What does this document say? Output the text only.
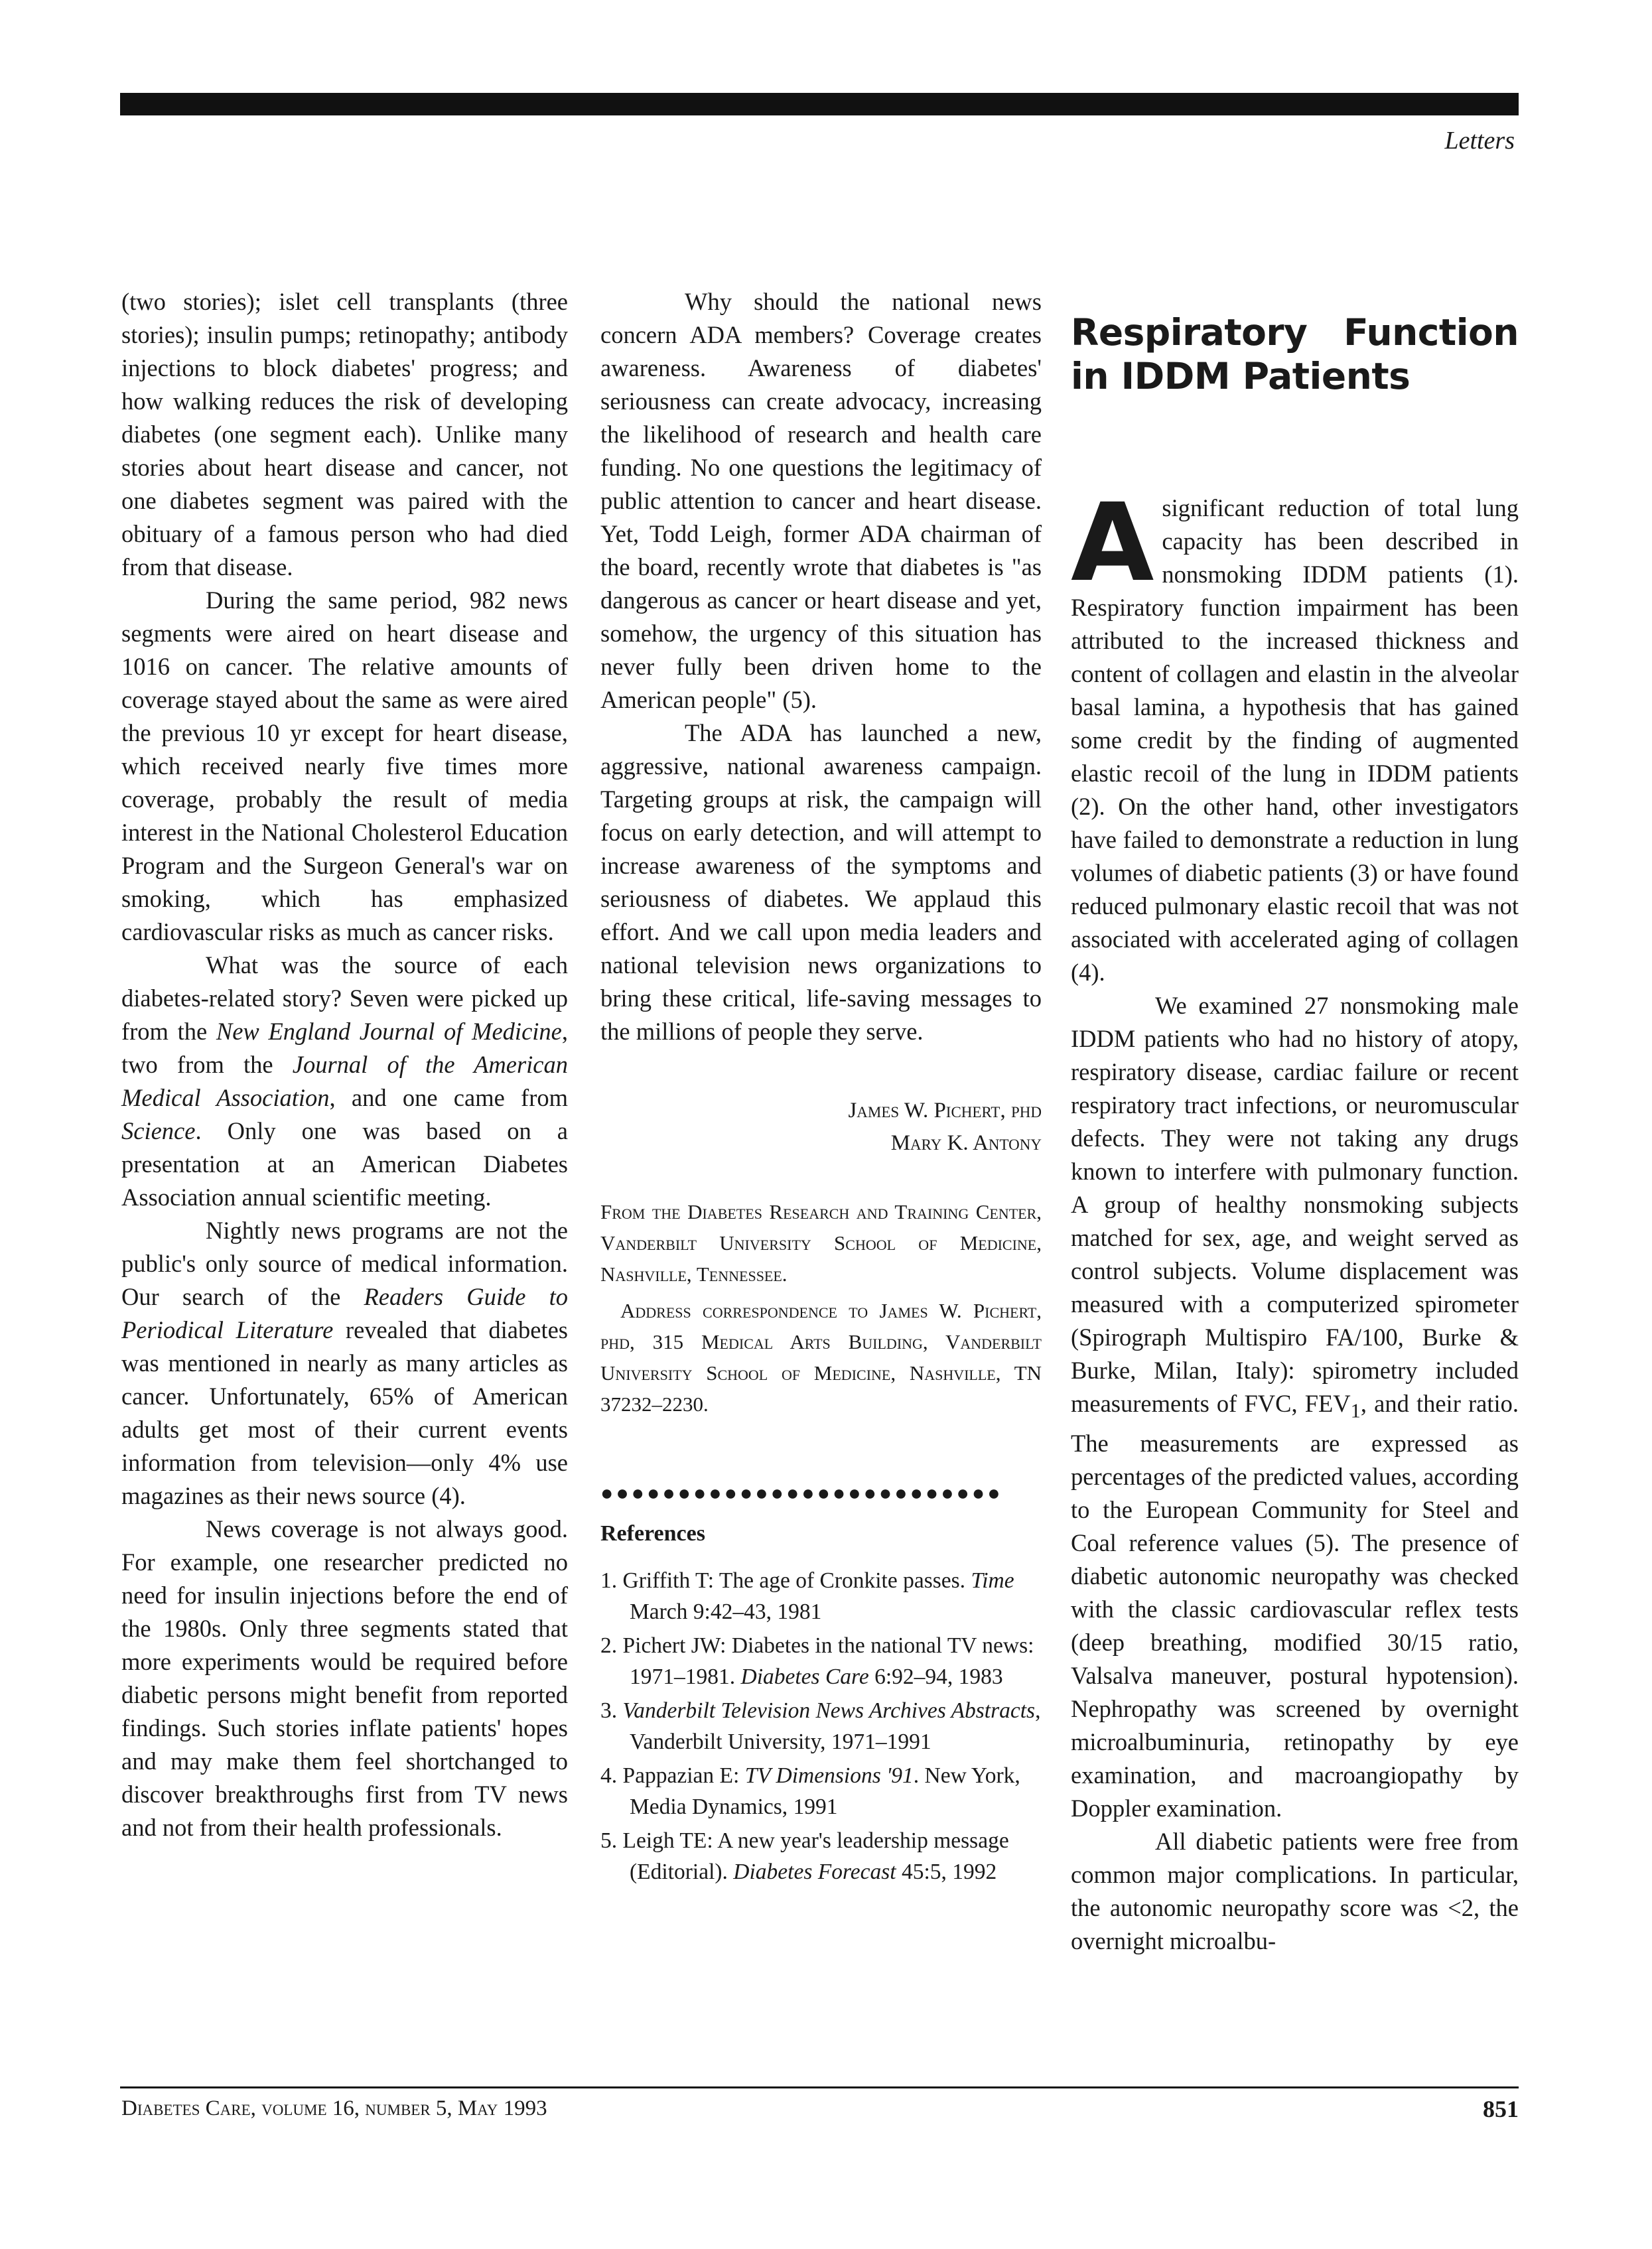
Letters

(two stories); islet cell transplants (three stories); insulin pumps; retinopathy; antibody injections to block diabetes' progress; and how walking reduces the risk of developing diabetes (one segment each). Unlike many stories about heart disease and cancer, not one diabetes segment was paired with the obituary of a famous person who had died from that disease.

During the same period, 982 news segments were aired on heart disease and 1016 on cancer. The relative amounts of coverage stayed about the same as were aired the previous 10 yr except for heart disease, which received nearly five times more coverage, probably the result of media interest in the National Cholesterol Education Program and the Surgeon General's war on smoking, which has emphasized cardiovascular risks as much as cancer risks.

What was the source of each diabetes-related story? Seven were picked up from the New England Journal of Medicine, two from the Journal of the American Medical Association, and one came from Science. Only one was based on a presentation at an American Diabetes Association annual scientific meeting.

Nightly news programs are not the public's only source of medical information. Our search of the Readers Guide to Periodical Literature revealed that diabetes was mentioned in nearly as many articles as cancer. Unfortunately, 65% of American adults get most of their current events information from television—only 4% use magazines as their news source (4).

News coverage is not always good. For example, one researcher predicted no need for insulin injections before the end of the 1980s. Only three segments stated that more experiments would be required before diabetic persons might benefit from reported findings. Such stories inflate patients' hopes and may make them feel shortchanged to discover breakthroughs first from TV news and not from their health professionals.

Why should the national news concern ADA members? Coverage creates awareness. Awareness of diabetes' seriousness can create advocacy, increasing the likelihood of research and health care funding. No one questions the legitimacy of public attention to cancer and heart disease. Yet, Todd Leigh, former ADA chairman of the board, recently wrote that diabetes is "as dangerous as cancer or heart disease and yet, somehow, the urgency of this situation has never fully been driven home to the American people" (5).

The ADA has launched a new, aggressive, national awareness campaign. Targeting groups at risk, the campaign will focus on early detection, and will attempt to increase awareness of the symptoms and seriousness of diabetes. We applaud this effort. And we call upon media leaders and national television news organizations to bring these critical, life-saving messages to the millions of people they serve.

James W. Pichert, phd
Mary K. Antony

From the Diabetes Research and Training Center, Vanderbilt University School of Medicine, Nashville, Tennessee.

Address correspondence to James W. Pichert, phd, 315 Medical Arts Building, Vanderbilt University School of Medicine, Nashville, TN 37232–2230.

●●●●●●●●●●●●●●●●●●●●●●●●●●

References

1. Griffith T: The age of Cronkite passes. Time March 9:42–43, 1981
2. Pichert JW: Diabetes in the national TV news: 1971–1981. Diabetes Care 6:92–94, 1983
3. Vanderbilt Television News Archives Abstracts, Vanderbilt University, 1971–1991
4. Pappazian E: TV Dimensions '91. New York, Media Dynamics, 1991
5. Leigh TE: A new year's leadership message (Editorial). Diabetes Forecast 45:5, 1992
Respiratory Function in IDDM Patients

A significant reduction of total lung capacity has been described in nonsmoking IDDM patients (1). Respiratory function impairment has been attributed to the increased thickness and content of collagen and elastin in the alveolar basal lamina, a hypothesis that has gained some credit by the finding of augmented elastic recoil of the lung in IDDM patients (2). On the other hand, other investigators have failed to demonstrate a reduction in lung volumes of diabetic patients (3) or have found reduced pulmonary elastic recoil that was not associated with accelerated aging of collagen (4).

We examined 27 nonsmoking male IDDM patients who had no history of atopy, respiratory disease, cardiac failure or recent respiratory tract infections, or neuromuscular defects. They were not taking any drugs known to interfere with pulmonary function. A group of healthy nonsmoking subjects matched for sex, age, and weight served as control subjects. Volume displacement was measured with a computerized spirometer (Spirograph Multispiro FA/100, Burke & Burke, Milan, Italy): spirometry included measurements of FVC, $FEV_1$, and their ratio. The measurements are expressed as percentages of the predicted values, according to the European Community for Steel and Coal reference values (5). The presence of diabetic autonomic neuropathy was checked with the classic cardiovascular reflex tests (deep breathing, modified 30/15 ratio, Valsalva maneuver, postural hypotension). Nephropathy was screened by overnight microalbuminuria, retinopathy by eye examination, and macroangiopathy by Doppler examination.

All diabetic patients were free from common major complications. In particular, the autonomic neuropathy score was <2, the overnight microalbu-

Diabetes Care, volume 16, number 5, May 1993	851
